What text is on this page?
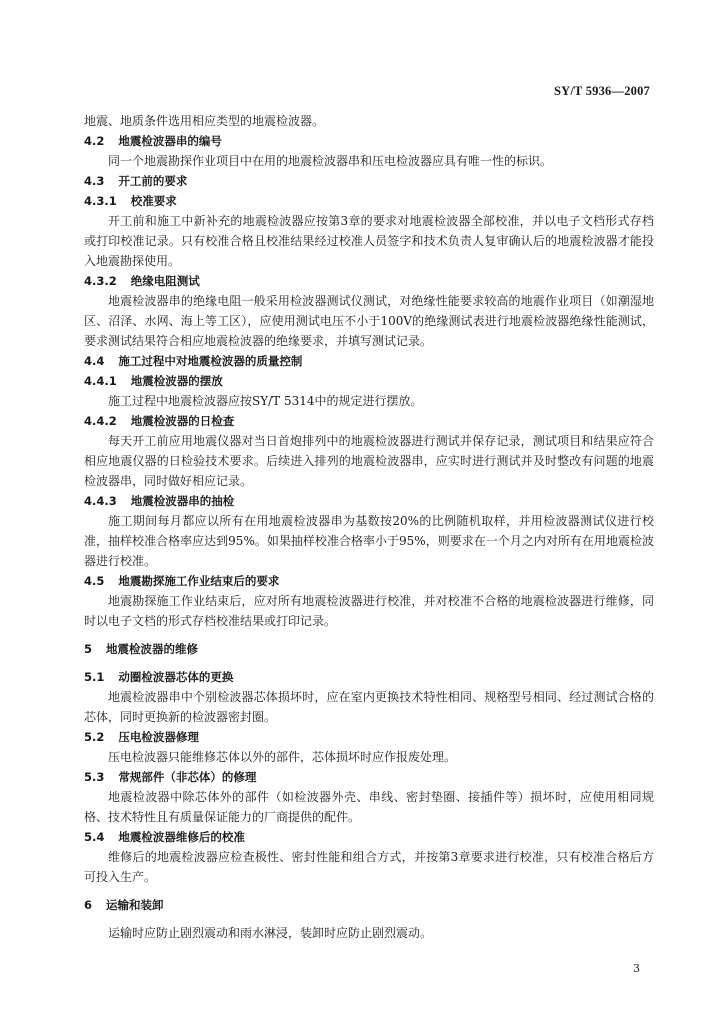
SY/T 5936—2007

地震、地质条件选用相应类型的地震检波器。

4.2 地震检波器串的编号

同一个地震勘探作业项目中在用的地震检波器串和压电检波器应具有唯一性的标识。

4.3 开工前的要求
4.3.1 校准要求

开工前和施工中新补充的地震检波器应按第3章的要求对地震检波器全部校准，并以电子文档形式存档或打印校准记录。只有校准合格且校准结果经过校准人员签字和技术负责人复审确认后的地震检波器才能投入地震勘探使用。

4.3.2 绝缘电阻测试

地震检波器串的绝缘电阻一般采用检波器测试仪测试，对绝缘性能要求较高的地震作业项目（如潮湿地区、沼泽、水网、海上等工区），应使用测试电压不小于100V的绝缘测试表进行地震检波器绝缘性能测试，要求测试结果符合相应地震检波器的绝缘要求，并填写测试记录。

4.4 施工过程中对地震检波器的质量控制
4.4.1 地震检波器的摆放

施工过程中地震检波器应按SY/T 5314中的规定进行摆放。

4.4.2 地震检波器的日检查

每天开工前应用地震仪器对当日首炮排列中的地震检波器进行测试并保存记录，测试项目和结果应符合相应地震仪器的日检验技术要求。后续进入排列的地震检波器串，应实时进行测试并及时整改有问题的地震检波器串，同时做好相应记录。

4.4.3 地震检波器串的抽检

施工期间每月都应以所有在用地震检波器串为基数按20%的比例随机取样，并用检波器测试仪进行校准，抽样校准合格率应达到95%。如果抽样校准合格率小于95%，则要求在一个月之内对所有在用地震检波器进行校准。

4.5 地震勘探施工作业结束后的要求

地震勘探施工作业结束后，应对所有地震检波器进行校准，并对校准不合格的地震检波器进行维修，同时以电子文档的形式存档校准结果或打印记录。

5 地震检波器的维修
5.1 动圈检波器芯体的更换

地震检波器串中个别检波器芯体损坏时，应在室内更换技术特性相同、规格型号相同、经过测试合格的芯体，同时更换新的检波器密封圈。

5.2 压电检波器修理

压电检波器只能维修芯体以外的部件，芯体损坏时应作报废处理。

5.3 常规部件（非芯体）的修理

地震检波器中除芯体外的部件（如检波器外壳、串线、密封垫圈、接插件等）损坏时，应使用相同规格、技术特性且有质量保证能力的厂商提供的配件。

5.4 地震检波器维修后的校准

维修后的地震检波器应检查极性、密封性能和组合方式，并按第3章要求进行校准，只有校准合格后方可投入生产。

6 运输和装卸

运输时应防止剧烈震动和雨水淋浸，装卸时应防止剧烈震动。

3
